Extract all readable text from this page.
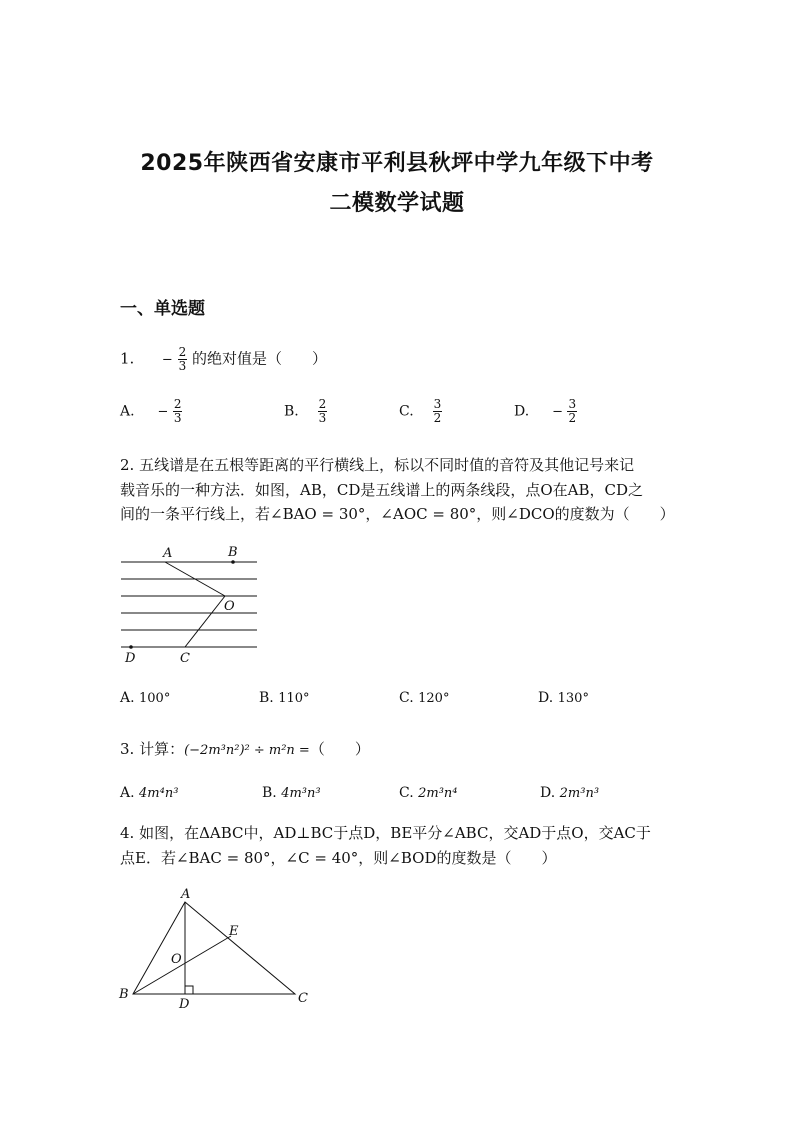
2025年陕西省安康市平利县秋坪中学九年级下中考
二模数学试题
一、单选题
1. − $\frac{2}{3}$ 的绝对值是（　　）
A. − $\frac{2}{3}$	B. $\frac{2}{3}$	C. $\frac{3}{2}$	D. − $\frac{3}{2}$
2. 五线谱是在五根等距离的平行横线上，标以不同时值的音符及其他记号来记
载音乐的一种方法．如图，AB，CD是五线谱上的两条线段，点O在AB，CD之
间的一条平行线上，若∠BAO = 30°，∠AOC = 80°，则∠DCO的度数为（　　）
A	B
O
D	C
A. 100°	B. 110°	C. 120°	D. 130°
3. 计算：(−2m³n²)² ÷ m²n =（　　）
A. 4m⁴n³	B. 4m³n³	C. 2m³n⁴	D. 2m³n³
4. 如图，在ΔABC中，AD⊥BC于点D，BE平分∠ABC，交AD于点O，交AC于
点E．若∠BAC = 80°，∠C = 40°，则∠BOD的度数是（　　）
A
E
O
B
D	C
